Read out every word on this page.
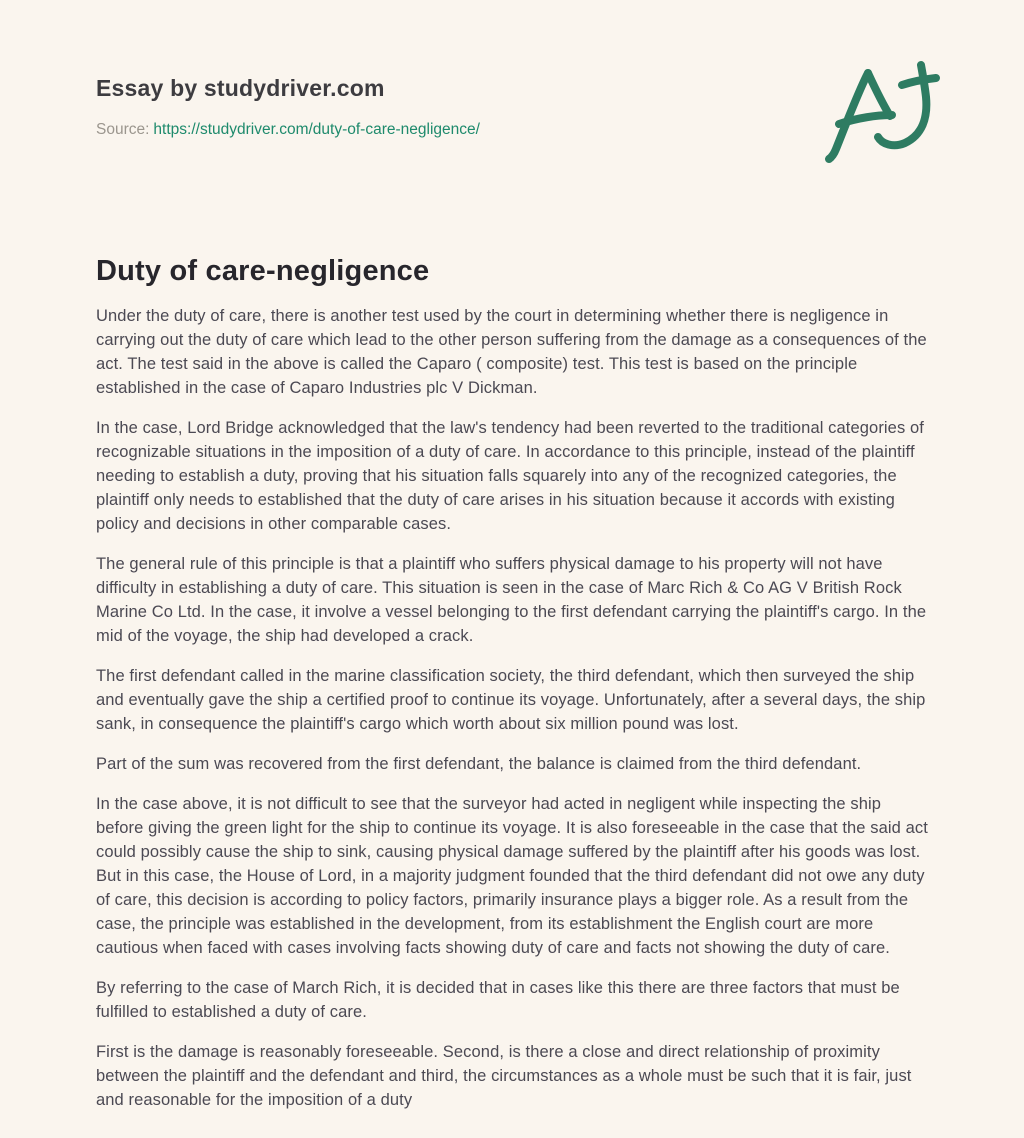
Essay by studydriver.com
Source: https://studydriver.com/duty-of-care-negligence/
Duty of care-negligence

Under the duty of care, there is another test used by the court in determining whether there is negligence in carrying out the duty of care which lead to the other person suffering from the damage as a consequences of the act. The test said in the above is called the Caparo ( composite) test. This test is based on the principle established in the case of Caparo Industries plc V Dickman.

In the case, Lord Bridge acknowledged that the law's tendency had been reverted to the traditional categories of recognizable situations in the imposition of a duty of care. In accordance to this principle, instead of the plaintiff needing to establish a duty, proving that his situation falls squarely into any of the recognized categories, the plaintiff only needs to established that the duty of care arises in his situation because it accords with existing policy and decisions in other comparable cases.

The general rule of this principle is that a plaintiff who suffers physical damage to his property will not have difficulty in establishing a duty of care. This situation is seen in the case of Marc Rich & Co AG V British Rock Marine Co Ltd. In the case, it involve a vessel belonging to the first defendant carrying the plaintiff's cargo. In the mid of the voyage, the ship had developed a crack.

The first defendant called in the marine classification society, the third defendant, which then surveyed the ship and eventually gave the ship a certified proof to continue its voyage. Unfortunately, after a several days, the ship sank, in consequence the plaintiff's cargo which worth about six million pound was lost.

Part of the sum was recovered from the first defendant, the balance is claimed from the third defendant.

In the case above, it is not difficult to see that the surveyor had acted in negligent while inspecting the ship before giving the green light for the ship to continue its voyage. It is also foreseeable in the case that the said act could possibly cause the ship to sink, causing physical damage suffered by the plaintiff after his goods was lost. But in this case, the House of Lord, in a majority judgment founded that the third defendant did not owe any duty of care, this decision is according to policy factors, primarily insurance plays a bigger role. As a result from the case, the principle was established in the development, from its establishment the English court are more cautious when faced with cases involving facts showing duty of care and facts not showing the duty of care.

By referring to the case of March Rich, it is decided that in cases like this there are three factors that must be fulfilled to established a duty of care.

First is the damage is reasonably foreseeable. Second, is there a close and direct relationship of proximity between the plaintiff and the defendant and third, the circumstances as a whole must be such that it is fair, just and reasonable for the imposition of a duty
